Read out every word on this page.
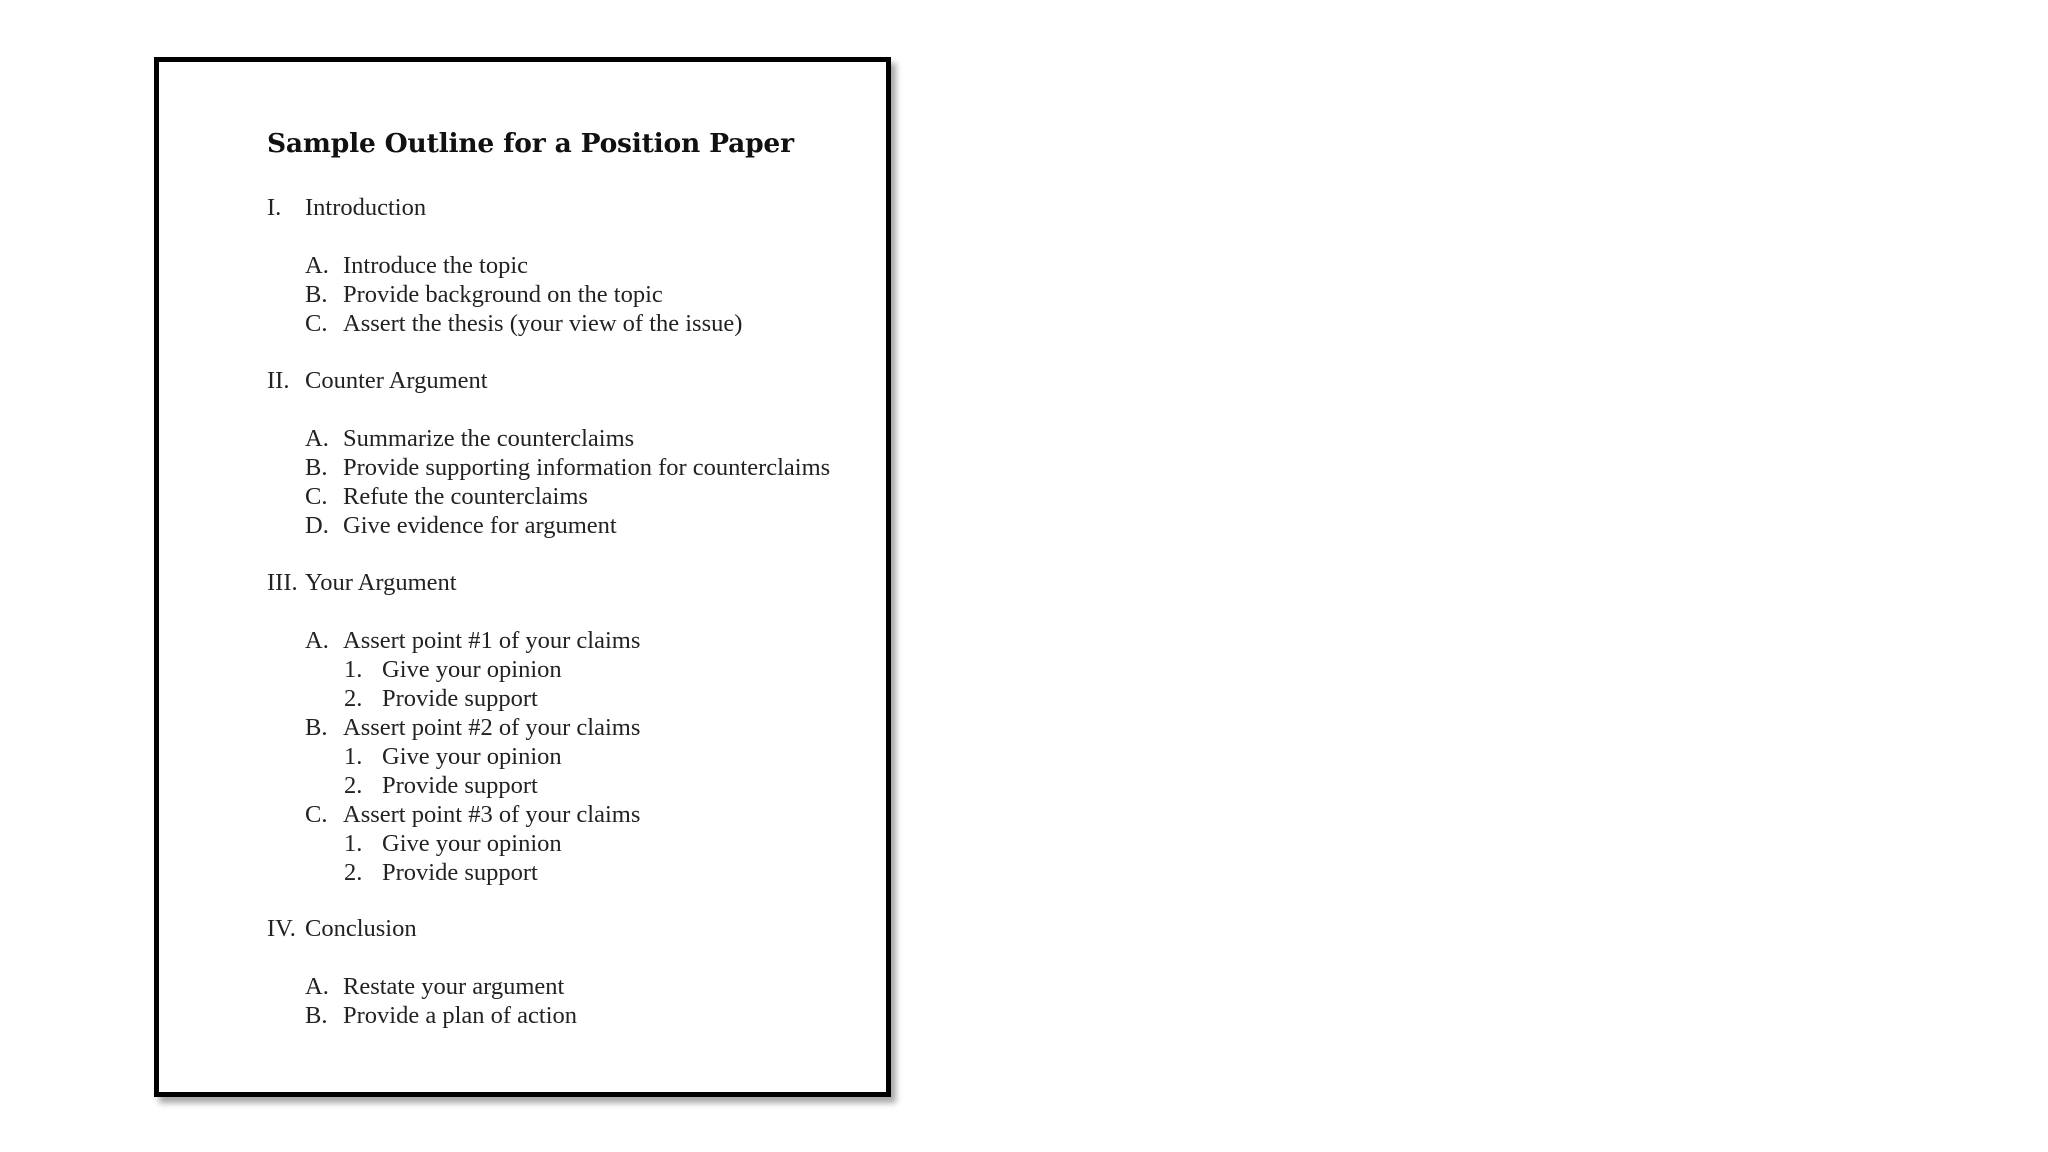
Sample Outline for a Position Paper
I. Introduction
A. Introduce the topic
B. Provide background on the topic
C. Assert the thesis (your view of the issue)
II. Counter Argument
A. Summarize the counterclaims
B. Provide supporting information for counterclaims
C. Refute the counterclaims
D. Give evidence for argument
III. Your Argument
A. Assert point #1 of your claims
1. Give your opinion
2. Provide support
B. Assert point #2 of your claims
1. Give your opinion
2. Provide support
C. Assert point #3 of your claims
1. Give your opinion
2. Provide support
IV. Conclusion
A. Restate your argument
B. Provide a plan of action
